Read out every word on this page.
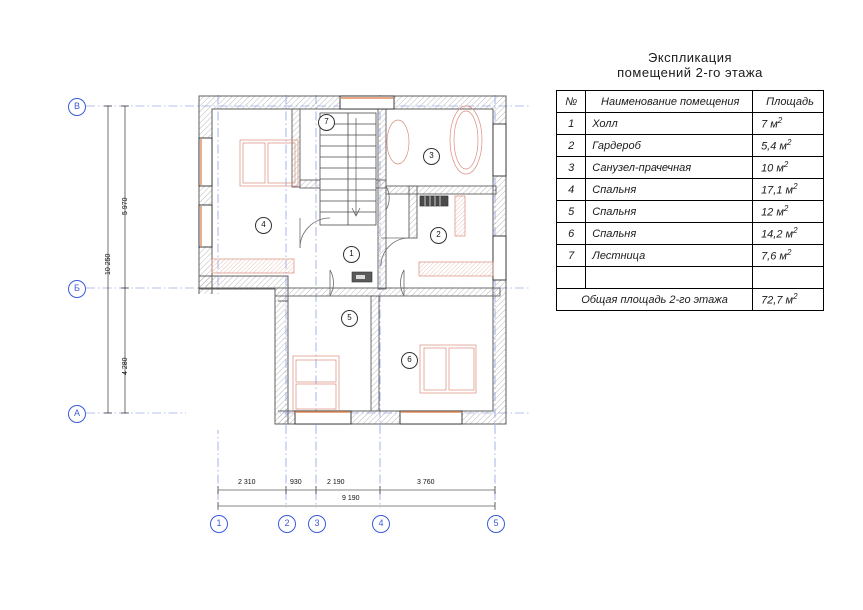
В
Б
А
1	2	3	4	5
7
3
4
2
1
5
6
2 310	930	2 190	3 760
9 190
5 970
4 280
10 250
Экспликация
помещений 2-го этажа
№	Наименование помещения	Площадь
1	Холл	7 $м^2$
2	Гардероб	5,4 $м^2$
3	Санузел-прачечная	10 $м^2$
4	Спальня	17,1 $м^2$
5	Спальня	12 $м^2$
6	Спальня	14,2 $м^2$
7	Лестница	7,6 $м^2$

Общая площадь 2-го этажа		72,7 $м^2$
